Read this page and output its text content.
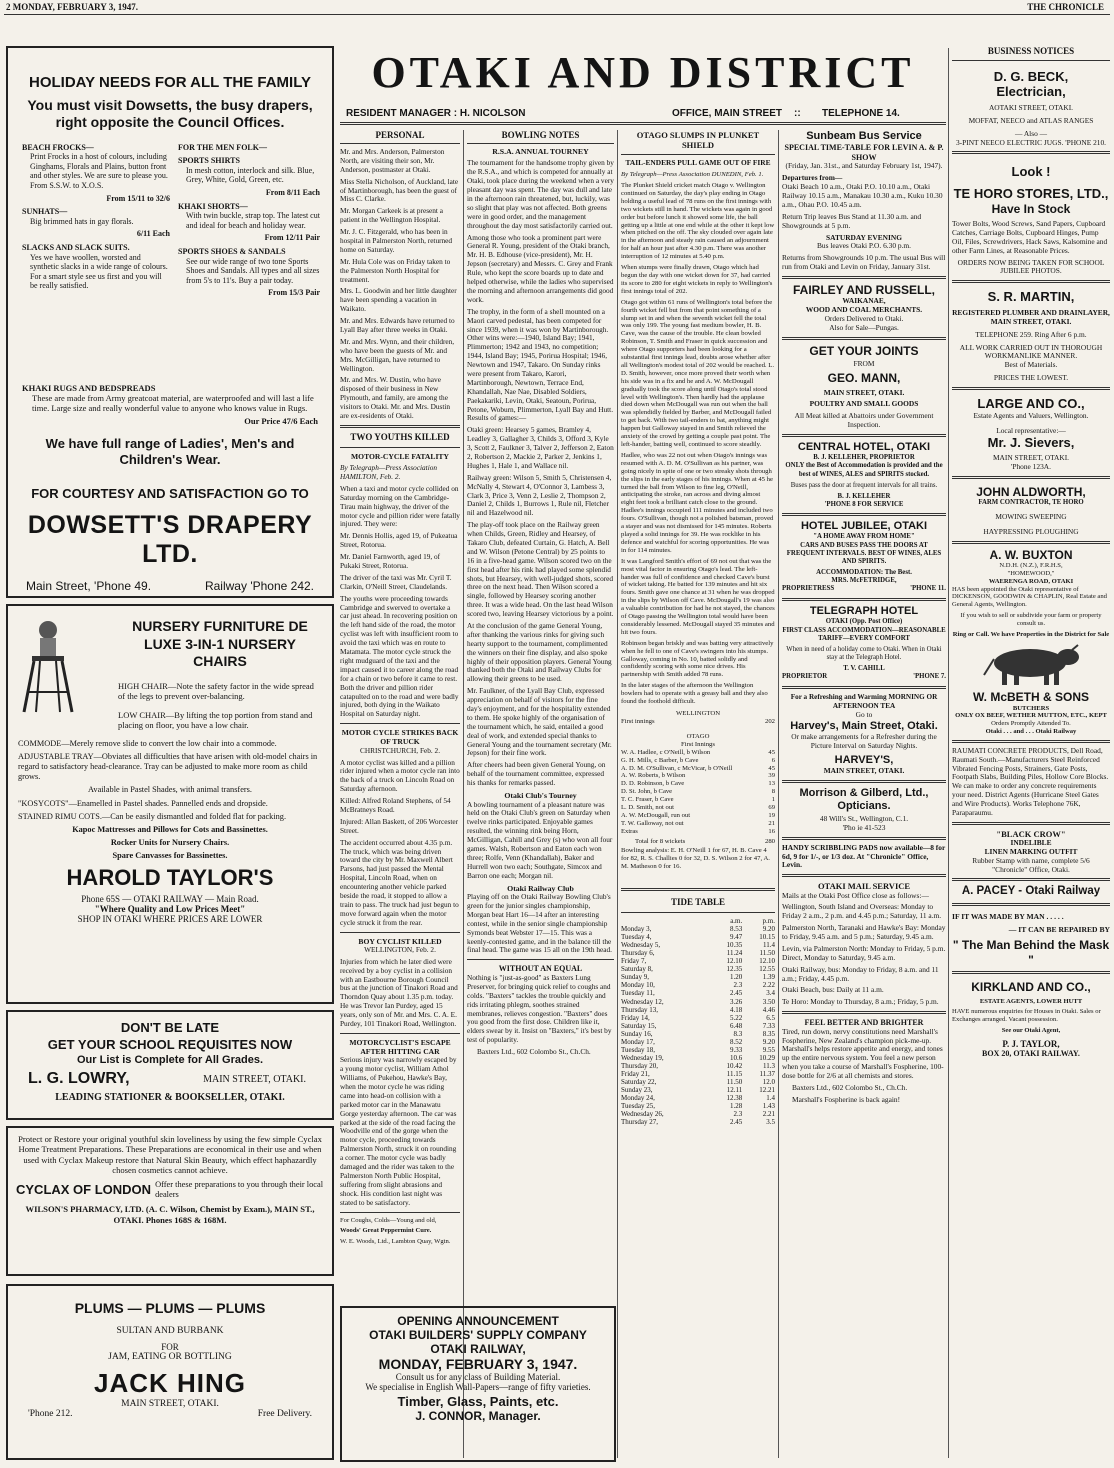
2 MONDAY, FEBRUARY 3, 1947.	THE CHRONICLE
HOLIDAY NEEDS FOR ALL THE FAMILY
You must visit Dowsetts, the busy drapers, right opposite the Council Offices.
BEACH FROCKS—

Print Frocks in a host of colours, including Ginghams, Florals and Plains, button front and other styles. We are sure to please you. From S.S.W. to X.O.S.

From 15/11 to 32/6

SUNHATS—

Big brimmed hats in gay florals.

6/11 Each

SLACKS AND SLACK SUITS.

Yes we have woollen, worsted and synthetic slacks in a wide range of colours. For a smart style see us first and you will be really satisfied.

FOR THE MEN FOLK—
SPORTS SHIRTS

In mesh cotton, interlock and silk. Blue, Grey, White, Gold, Green, etc.

From 8/11 Each

KHAKI SHORTS—

With twin buckle, strap top. The latest cut and ideal for beach and holiday wear.

From 12/11 Pair

SPORTS SHOES & SANDALS

See our wide range of two tone Sports Shoes and Sandals. All types and all sizes from 5's to 11's. Buy a pair today.

From 15/3 Pair

KHAKI RUGS AND BEDSPREADS

These are made from Army greatcoat material, are waterproofed and will last a life time. Large size and really wonderful value to anyone who knows value in Rugs.

Our Price 47/6 Each

We have full range of Ladies', Men's and Children's Wear.
FOR COURTESY AND SATISFACTION GO TO
DOWSETT'S DRAPERY LTD.
Main Street, 'Phone 49.	Railway 'Phone 242.
NURSERY FURNITURE DE LUXE 3-IN-1 NURSERY CHAIRS

HIGH CHAIR—Note the safety factor in the wide spread of the legs to prevent over-balancing.

LOW CHAIR—By lifting the top portion from stand and placing on floor, you have a low chair.

COMMODE—Merely remove slide to convert the low chair into a commode.

ADJUSTABLE TRAY—Obviates all difficulties that have arisen with old-model chairs in regard to satisfactory head-clearance. Tray can be adjusted to make more room as child grows.

Available in Pastel Shades, with animal transfers.

"KOSYCOTS"—Enamelled in Pastel shades. Pannelled ends and dropside.

STAINED RIMU COTS.—Can be easily dismantled and folded flat for packing.

Kapoc Mattresses and Pillows for Cots and Bassinettes.

Rocker Units for Nursery Chairs.

Spare Canvasses for Bassinettes.

HAROLD TAYLOR'S
Phone 65S — OTAKI RAILWAY — Main Road.
"Where Quality and Low Prices Meet"
SHOP IN OTAKI WHERE PRICES ARE LOWER
DON'T BE LATE
GET YOUR SCHOOL REQUISITES NOW
Our List is Complete for All Grades.
L. G. LOWRY,	MAIN STREET, OTAKI.
LEADING STATIONER & BOOKSELLER, OTAKI.

Protect or Restore your original youthful skin loveliness by using the few simple Cyclax Home Treatment Preparations. These Preparations are economical in their use and when used with Cyclax Makeup restore that Natural Skin Beauty, which effect haphazardly chosen cosmetics cannot achieve.

CYCLAX OF LONDON Offer these preparations to you through their local dealers

WILSON'S PHARMACY, LTD. (A. C. Wilson, Chemist by Exam.), MAIN ST., OTAKI. Phones 168S & 168M.

PLUMS — PLUMS — PLUMS
SULTAN AND BURBANK
FOR
JAM, EATING OR BOTTLING
JACK HING
MAIN STREET, OTAKI.
'Phone 212.	Free Delivery.
OTAKI AND DISTRICT
RESIDENT MANAGER : H. NICOLSON	OFFICE, MAIN STREET :: TELEPHONE 14.
PERSONAL

Mr. and Mrs. Anderson, Palmerston North, are visiting their son, Mr. Anderson, postmaster at Otaki.

Miss Stella Nicholson, of Auckland, late of Martinborough, has been the guest of Miss C. Clarke.

Mr. Morgan Carkeek is at present a patient in the Wellington Hospital.

Mr. J. C. Fitzgerald, who has been in hospital in Palmerston North, returned home on Saturday.

Mr. Hula Cole was on Friday taken to the Palmerston North Hospital for treatment.

Mrs. L. Goodwin and her little daughter have been spending a vacation in Waikato.

Mr. and Mrs. Edwards have returned to Lyall Bay after three weeks in Otaki.

Mr. and Mrs. Wynn, and their children, who have been the guests of Mr. and Mrs. McGilligan, have returned to Wellington.

Mr. and Mrs. W. Dustin, who have disposed of their business in New Plymouth, and family, are among the visitors to Otaki. Mr. and Mrs. Dustin are ex-residents of Otaki.

TWO YOUTHS KILLED
MOTOR-CYCLE FATALITY

By Telegraph—Press Association HAMILTON, Feb. 2.

When a taxi and motor cycle collided on Saturday morning on the Cambridge-Tirau main highway, the driver of the motor cycle and pillion rider were fatally injured. They were:

Mr. Dennis Hollis, aged 19, of Pukeatua Street, Rotorua.

Mr. Daniel Farnworth, aged 19, of Pukaki Street, Rotorua.

The driver of the taxi was Mr. Cyril T. Clarkin, O'Neill Street, Claudelands.

The youths were proceeding towards Cambridge and swerved to overtake a car just ahead. In recovering position on the left hand side of the road, the motor cyclist was left with insufficient room to avoid the taxi which was en route to Matamata. The motor cycle struck the right mudguard of the taxi and the impact caused it to career along the road for a chain or two before it came to rest. Both the driver and pillion rider catapulted on to the road and were badly injured, both dying in the Waikato Hospital on Saturday night.

MOTOR CYCLE STRIKES BACK OF TRUCK

CHRISTCHURCH, Feb. 2.

A motor cyclist was killed and a pillion rider injured when a motor cycle ran into the back of a truck on Lincoln Road on Saturday afternoon.

Killed: Alfred Roland Stephens, of 54 McBratneys Road.

Injured: Allan Baskett, of 206 Worcester Street.

The accident occurred about 4.35 p.m. The truck, which was being driven toward the city by Mr. Maxwell Albert Parsons, had just passed the Mental Hospital, Lincoln Road, when on encountering another vehicle parked beside the road, it stopped to allow a train to pass. The truck had just begun to move forward again when the motor cycle struck it from the rear.

BOY CYCLIST KILLED

WELLINGTON, Feb. 2.

Injuries from which he later died were received by a boy cyclist in a collision with an Eastbourne Borough Council bus at the junction of Tinakori Road and Thorndon Quay about 1.35 p.m. today. He was Trevor Ian Purdey, aged 15 years, only son of Mr. and Mrs. C. A. E. Purdey, 101 Tinakori Road, Wellington.

MOTORCYCLIST'S ESCAPE AFTER HITTING CAR

Serious injury was narrowly escaped by a young motor cyclist, William Athol Williams, of Pukehou, Hawke's Bay, when the motor cycle he was riding came into head-on collision with a parked motor car in the Manawatu Gorge yesterday afternoon. The car was parked at the side of the road facing the Woodville end of the gorge when the motor cycle, proceeding towards Palmerston North, struck it on rounding a corner. The motor cycle was badly damaged and the rider was taken to the Palmerston North Public Hospital, suffering from slight abrasions and shock. His condition last night was stated to be satisfactory.

For Coughs, Colds—Young and old,

Woods' Great Peppermint Cure.

W. E. Woods, Ltd., Lambton Quay, Wgtn.

BOWLING NOTES
R.S.A. ANNUAL TOURNEY

The tournament for the handsome trophy given by the R.S.A., and which is competed for annually at Otaki, took place during the weekend when a very pleasant day was spent. The day was dull and late in the afternoon rain threatened, but, luckily, was so slight that play was not affected. Both greens were in good order, and the management throughout the day most satisfactorily carried out.

Among those who took a prominent part were General R. Young, president of the Otaki branch, Mr. H. B. Edhouse (vice-president), Mr. H. Jepson (secretary) and Messrs. C. Grey and Frank Rule, who kept the score boards up to date and helped otherwise, while the ladies who supervised the morning and afternoon arrangements did good work.

The trophy, in the form of a shell mounted on a Maori carved pedestal, has been competed for since 1939, when it was won by Martinborough. Other wins were:—1940, Island Bay; 1941, Plimmerton; 1942 and 1943, no competition; 1944, Island Bay; 1945, Porirua Hospital; 1946, Newtown and 1947, Takaro. On Sunday rinks were present from Takaro, Karori, Martinborough, Newtown, Terrace End, Khandallah, Nae Nae, Disabled Soldiers, Paekakariki, Levin, Otaki, Seatoun, Porirua, Petone, Woburn, Plimmerton, Lyall Bay and Hutt. Results of games:—

Otaki green: Hearsey 5 games, Bramley 4, Leadley 3, Gallagher 3, Childs 3, Offord 3, Kyle 3, Scott 2, Faulkner 3, Talver 2, Jefferson 2, Eaton 2, Robertson 2, Mackie 2, Parker 2, Jenkins 1, Hughes 1, Hale 1, and Wallace nil.

Railway green: Wilson 5, Smith 5, Christensen 4, McNally 4, Stewart 4, O'Connor 3, Lambess 3, Clark 3, Price 3, Venn 2, Leslie 2, Thompson 2, Daniel 2, Childs 1, Burrows 1, Rule nil, Fletcher nil and Hazelwood nil.

The play-off took place on the Railway green when Childs, Green, Ridley and Hearsey, of Takaro Club, defeated Curtain, G. Hatch, A. Bell and W. Wilson (Petone Central) by 25 points to 16 in a five-head game. Wilson scored two on the first head after his rink had played some splendid shots, but Hearsey, with well-judged shots, scored three on the next head. Then Wilson scored a single, followed by Hearsey scoring another three. It was a wide head. On the last head Wilson scored two, leaving Hearsey victorious by a point.

At the conclusion of the game General Young, after thanking the various rinks for giving such hearty support to the tournament, complimented the winners on their fine display, and also spoke highly of their opposition players. General Young thanked both the Otaki and Railway Clubs for allowing their greens to be used.

Mr. Faulkner, of the Lyall Bay Club, expressed appreciation on behalf of visitors for the fine day's enjoyment, and for the hospitality extended to them. He spoke highly of the organisation of the tournament which, he said, entailed a good deal of work, and extended special thanks to General Young and the tournament secretary (Mr. Jepson) for their fine work.

After cheers had been given General Young, on behalf of the tournament committee, expressed his thanks for remarks passed.

Otaki Club's Tourney

A bowling tournament of a pleasant nature was held on the Otaki Club's green on Saturday when twelve rinks participated. Enjoyable games resulted, the winning rink being Horn, McGilligan, Cahill and Grey (s) who won all four games. Walsh, Robertson and Eaton each won three; Rolfe, Venn (Khandallah), Baker and Hurrell won two each; Southgate, Simcox and Barron one each; Morgan nil.

Otaki Railway Club

Playing off on the Otaki Railway Bowling Club's green for the junior singles championship, Morgan beat Hart 16—14 after an interesting contest, while in the senior single championship Symonds beat Webster 17—15. This was a keenly-contested game, and in the balance till the final head. The game was 15 all on the 19th head.

WITHOUT AN EQUAL

Nothing is "just-as-good" as Baxters Lung Preserver, for bringing quick relief to coughs and colds. "Baxters" tackles the trouble quickly and rids irritating phlegm, soothes strained membranes, relieves congestion. "Baxters" does you good from the first dose. Children like it, elders swear by it. Insist on "Baxters," it's best by test of popularity.

Baxters Ltd., 602 Colombo St., Ch.Ch.

OPENING ANNOUNCEMENT
OTAKI BUILDERS' SUPPLY COMPANY
OTAKI RAILWAY,
MONDAY, FEBRUARY 3, 1947.
Consult us for any class of Building Material.
We specialise in English Wall-Papers—range of fifty varieties.
Timber, Glass, Paints, etc.
J. CONNOR, Manager.
OTAGO SLUMPS IN PLUNKET SHIELD
TAIL-ENDERS PULL GAME OUT OF FIRE

By Telegraph—Press Association DUNEDIN, Feb. 1.

The Plunket Shield cricket match Otago v. Wellington continued on Saturday, the day's play ending in Otago holding a useful lead of 78 runs on the first innings with two wickets still in hand. The wickets was again in good order but before lunch it showed some life, the ball getting up a little at one end while at the other it kept low when pitched on the off. The sky clouded over again late in the afternoon and steady rain caused an adjournment for half an hour just after 4.30 p.m. There was another interruption of 12 minutes at 5.40 p.m.

When stumps were finally drawn, Otago which had begun the day with one wicket down for 37, had carried its score to 280 for eight wickets in reply to Wellington's first innings total of 202.

Otago got within 61 runs of Wellington's total before the fourth wicket fell but from that point something of a slump set in and when the seventh wicket fell the total was only 199. The young fast medium bowler, H. B. Cave, was the cause of the trouble. He clean bowled Robinson, T. Smith and Fraser in quick succession and where Otago supporters had been looking for a substantial first innings lead, doubts arose whether after all Wellington's modest total of 202 would be reached. L. D. Smith, however, once more proved their worth when his side was in a fix and he and A. W. McDougall gradually took the score along until Otago's total stood level with Wellington's. Then hardly had the applause died down when McDougall was run out when the ball was splendidly fielded by Barber, and McDougall failed to get back. With two tail-enders to bat, anything might happen but Galloway stayed in and Smith relieved the anxiety of the crowd by getting a couple past point. The left-hander, batting well, continued to score steadily.

Hadlee, who was 22 not out when Otago's innings was resumed with A. D. M. O'Sullivan as his partner, was going nicely in spite of one or two streaky shots through the slips in the early stages of his innings. When at 45 he turned the ball from Wilson to fine leg, O'Neill, anticipating the stroke, ran across and diving almost eight feet took a brilliant catch close to the ground. Hadlee's innings occupied 111 minutes and included two fours. O'Sullivan, though not a polished batsman, proved a stayer and was not dismissed for 145 minutes. Roberts played a solid innings for 39. He was rocklike in his defence and watchful for scoring opportunities. He was in for 114 minutes.

It was Langford Smith's effort of 69 not out that was the most vital factor in ensuring Otago's lead. The left-hander was full of confidence and checked Cave's burst of wicket taking. He batted for 139 minutes and hit six fours. Smith gave one chance at 31 when he was dropped in the slips by Wilson off Cave. McDougall's 19 was also a valuable contribution for had he not stayed, the chances of Otago passing the Wellington total would have been considerably lessened. McDougall stayed 35 minutes and hit two fours.

Robinson began briskly and was batting very attractively when he fell to one of Cave's swingers into his stumps. Galloway, coming in No. 10, batted solidly and confidently scoring with some nice drives. His partnership with Smith added 78 runs.

In the later stages of the afternoon the Wellington bowlers had to operate with a greasy ball and they also found the foothold difficult.

WELLINGTON
First innings	202
OTAGO
First Innings
W. A. Hadlee, c O'Neill, b Wilson	45
G. H. Mills, c Barber, b Cave	6
A. D. M. O'Sullivan, c McVicar, b O'Neill	45
A. W. Roberts, b Wilson	39
D. D. Robinson, b Cave	13
D. St. John, b Cave	8
T. C. Fraser, b Cave	1
L. D. Smith, not out	69
A. W. McDougall, run out	19
T. W. Galloway, not out	21
Extras	16
Total for 8 wickets	280

Bowling analysis: E. H. O'Neill 1 for 67, H. B. Cave 4 for 82, R. S. Challies 0 for 32, D. S. Wilson 2 for 47, A. M. Matheson 0 for 16.

TIDE TABLE
	a.m.	p.m.
Monday 3,	8.53	9.20
Tuesday 4,	9.47	10.15
Wednesday 5,	10.35	11.4
Thursday 6,	11.24	11.50
Friday 7,	12.10	12.10
Saturday 8,	12.35	12.55
Sunday 9,	1.20	1.39
Monday 10,	2.3	2.22
Tuesday 11,	2.45	3.4
Wednesday 12,	3.26	3.50
Thursday 13,	4.18	4.46
Friday 14,	5.22	6.5
Saturday 15,	6.48	7.33
Sunday 16,	8.3	8.35
Monday 17,	8.52	9.20
Tuesday 18,	9.33	9.55
Wednesday 19,	10.6	10.29
Thursday 20,	10.42	11.3
Friday 21,	11.15	11.37
Saturday 22,	11.50	12.0
Sunday 23,	12.11	12.21
Monday 24,	12.38	1.4
Tuesday 25,	1.28	1.43
Wednesday 26,	2.3	2.21
Thursday 27,	2.45	3.5
Sunbeam Bus Service
SPECIAL TIME-TABLE FOR LEVIN A. & P. SHOW

(Friday, Jan. 31st., and Saturday February 1st, 1947).

Departures from—

Otaki Beach 10 a.m., Otaki P.O. 10.10 a.m., Otaki Railway 10.15 a.m., Manakau 10.30 a.m., Kuku 10.30 a.m., Ohau P.O. 10.45 a.m.

Return Trip leaves Bus Stand at 11.30 a.m. and Showgrounds at 5 p.m.

SATURDAY EVENING

Bus leaves Otaki P.O. 6.30 p.m.

Returns from Showgrounds 10 p.m. The usual Bus will run from Otaki and Levin on Friday, January 31st.

FAIRLEY AND RUSSELL,
WAIKANAE,
WOOD AND COAL MERCHANTS.
Orders Delivered to Otaki.
Also for Sale—Pungas.
GET YOUR JOINTS
FROM
GEO. MANN,
MAIN STREET, OTAKI.
POULTRY AND SMALL GOODS

All Meat killed at Abattoirs under Government Inspection.

CENTRAL HOTEL, OTAKI
B. J. KELLEHER, PROPRIETOR

ONLY the Best of Accommodation is provided and the best of WINES, ALES and SPIRITS stocked.

Buses pass the door at frequent intervals for all trains.

B. J. KELLEHER
'PHONE 8 FOR SERVICE
HOTEL JUBILEE, OTAKI
"A HOME AWAY FROM HOME"

CARS AND BUSES PASS THE DOORS AT FREQUENT INTERVALS. BEST OF WINES, ALES AND SPIRITS.

ACCOMMODATION: The Best.
MRS. McFETRIDGE,
PROPRIETRESS	'PHONE 11.
TELEGRAPH HOTEL
OTAKI (Opp. Post Office)

FIRST CLASS ACCOMMODATION—REASONABLE TARIFF—EVERY COMFORT

When in need of a holiday come to Otaki. When in Otaki stay at the Telegraph Hotel.

T. V. CAHILL
PROPRIETOR	'PHONE 7.
For a Refreshing and Warming MORNING OR AFTERNOON TEA
Go to
Harvey's, Main Street, Otaki.

Or make arrangements for a Refresher during the Picture Interval on Saturday Nights.

HARVEY'S,
MAIN STREET, OTAKI.
Morrison & Gilberd, Ltd., Opticians.
48 Will's St., Wellington, C.1.
'Pho ie 41-523

HANDY SCRIBBLING PADS now available—8 for 6d, 9 for 1/-, or 1/3 doz. At "Chronicle" Office, Levin.

OTAKI MAIL SERVICE

Mails at the Otaki Post Office close as follows:—

Wellington, South Island and Overseas: Monday to Friday 2 a.m., 2 p.m. and 4.45 p.m.; Saturday, 11 a.m.

Palmerston North, Taranaki and Hawke's Bay: Monday to Friday, 9.45 a.m. and 5 p.m.; Saturday, 9.45 a.m.

Levin, via Palmerston North: Monday to Friday, 5 p.m. Direct, Monday to Saturday, 9.45 a.m.

Otaki Railway, bus: Monday to Friday, 8 a.m. and 11 a.m.; Friday, 4.45 p.m.

Otaki Beach, bus: Daily at 11 a.m.

Te Horo: Monday to Thursday, 8 a.m.; Friday, 5 p.m.

FEEL BETTER AND BRIGHTER

Tired, run down, nervy constitutions need Marshall's Fospherine, New Zealand's champion pick-me-up. Marshall's helps restore appetite and energy, and tones up the entire nervous system. You feel a new person when you take a course of Marshall's Fospherine, 100-dose bottle for 2/6 at all chemists and stores.

Baxters Ltd., 602 Colombo St., Ch.Ch.

Marshall's Fospherine is back again!

BUSINESS NOTICES
D. G. BECK,
Electrician,
AOTAKI STREET, OTAKI.
MOFFAT, NEECO and ATLAS RANGES
— Also —
3-PINT NEECO ELECTRIC JUGS. 'PHONE 210.
Look !
TE HORO STORES, LTD.,
Have In Stock

Tower Bolts, Wood Screws, Sand Papers, Cupboard Catches, Carriage Bolts, Cupboard Hinges, Pump Oil, Files, Screwdrivers, Hack Saws, Kalsomine and other Farm Lines, at Reasonable Prices.

ORDERS NOW BEING TAKEN FOR SCHOOL JUBILEE PHOTOS.

S. R. MARTIN,
REGISTERED PLUMBER AND DRAINLAYER,
MAIN STREET, OTAKI.
TELEPHONE 259. Ring After 6 p.m.
ALL WORK CARRIED OUT IN THOROUGH WORKMANLIKE MANNER.
Best of Materials.
PRICES THE LOWEST.
LARGE AND CO.,
Estate Agents and Valuers, Wellington.
Local representative:—
Mr. J. Sievers,
MAIN STREET, OTAKI.
'Phone 123A.
JOHN ALDWORTH,
FARM CONTRACTOR, TE HORO
MOWING SWEEPING
HAYPRESSING PLOUGHING
A. W. BUXTON
N.D.H. (N.Z.), F.R.H.S,
"HOMEWOOD,"
WAERENGA ROAD, OTAKI

HAS been appointed the Otaki representative of DICKENSON, GOODWIN & CHAPLIN, Real Estate and General Agents, Wellington.

If you wish to sell or subdivide your farm or property consult us.

Ring or Call. We have Properties in the District for Sale

W. McBETH & SONS
BUTCHERS
ONLY OX BEEF, WETHER MUTTON, ETC., KEPT
Orders Promptly Attended To.
Otaki . . . and . . . Otaki Railway

RAUMATI CONCRETE PRODUCTS, Dell Road, Raumati South.—Manufacturers Steel Reinforced Vibrated Fencing Posts, Strainers, Gate Posts, Footpath Slabs, Building Piles, Hollow Core Blocks. We can make to order any concrete requirements your need. District Agents (Hurricane Steel Gates and Wire Products). Works Telephone 76K, Paraparaumu.

"BLACK CROW"
INDELIBLE
LINEN MARKING OUTFIT
Rubber Stamp with name, complete 5/6
"Chronicle" Office, Otaki.
A. PACEY - Otaki Railway
IF IT WAS MADE BY MAN . . . . .
— IT CAN BE REPAIRED BY
" The Man Behind the Mask "
KIRKLAND AND CO.,
ESTATE AGENTS, LOWER HUTT

HAVE numerous enquiries for Houses in Otaki. Sales or Exchanges arranged. Vacant possession.

See our Otaki Agent,
P. J. TAYLOR,
BOX 20, OTAKI RAILWAY.
